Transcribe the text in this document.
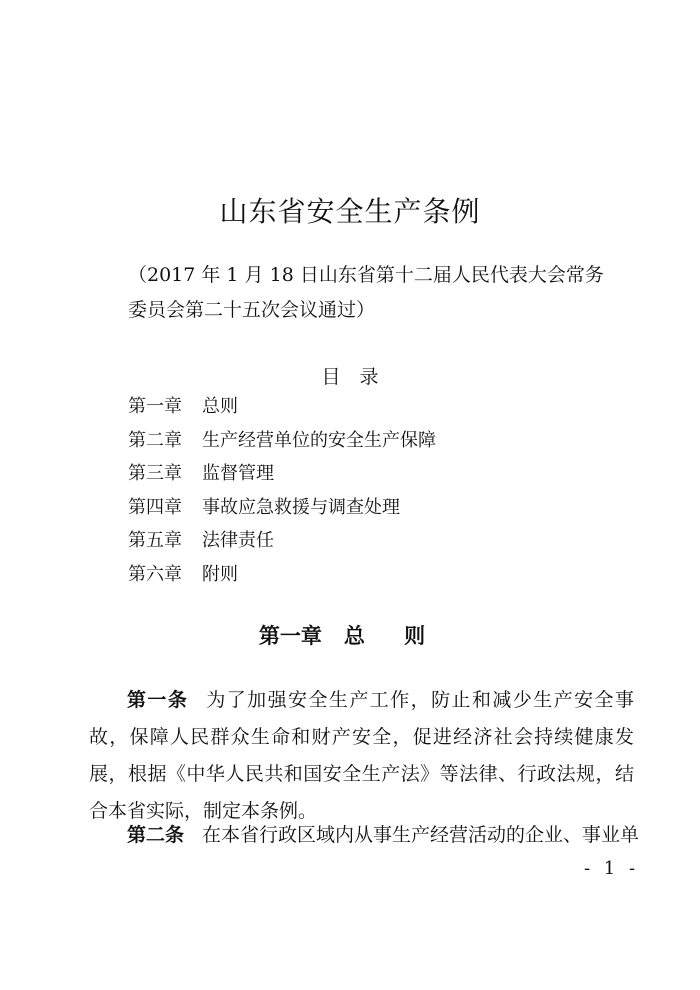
山东省安全生产条例
（2017 年 1 月 18 日山东省第十二届人民代表大会常务
委员会第二十五次会议通过）
目　录
第一章 总则
第二章 生产经营单位的安全生产保障
第三章 监督管理
第四章 事故应急救援与调查处理
第五章 法律责任
第六章 附则
第一章 总 则
第一条 为了加强安全生产工作，防止和减少生产安全事故，保障人民群众生命和财产安全，促进经济社会持续健康发展，根据《中华人民共和国安全生产法》等法律、行政法规，结合本省实际，制定本条例。
第二条 在本省行政区域内从事生产经营活动的企业、事业单
- 1 -
